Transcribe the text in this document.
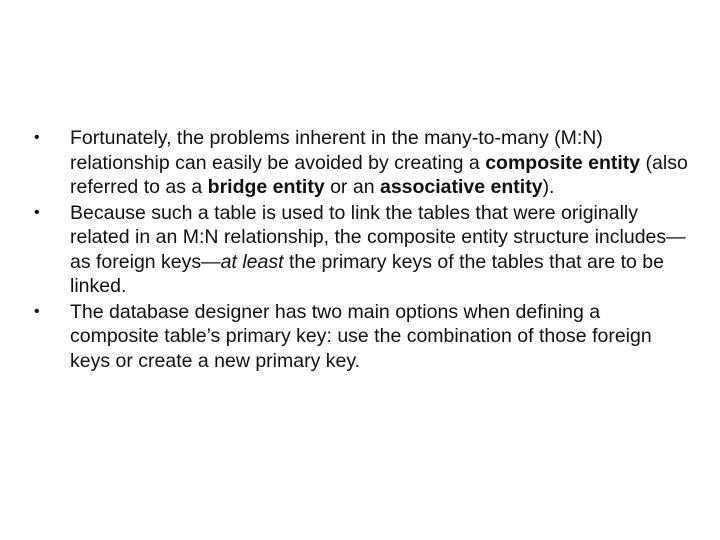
•	Fortunately, the problems inherent in the many-to-many (M:N) relationship can easily be avoided by creating a composite entity (also referred to as a bridge entity or an associative entity).
•	Because such a table is used to link the tables that were originally related in an M:N relationship, the composite entity structure includes—as foreign keys—at least the primary keys of the tables that are to be linked.
•	The database designer has two main options when defining a composite table’s primary key: use the combination of those foreign keys or create a new primary key.
